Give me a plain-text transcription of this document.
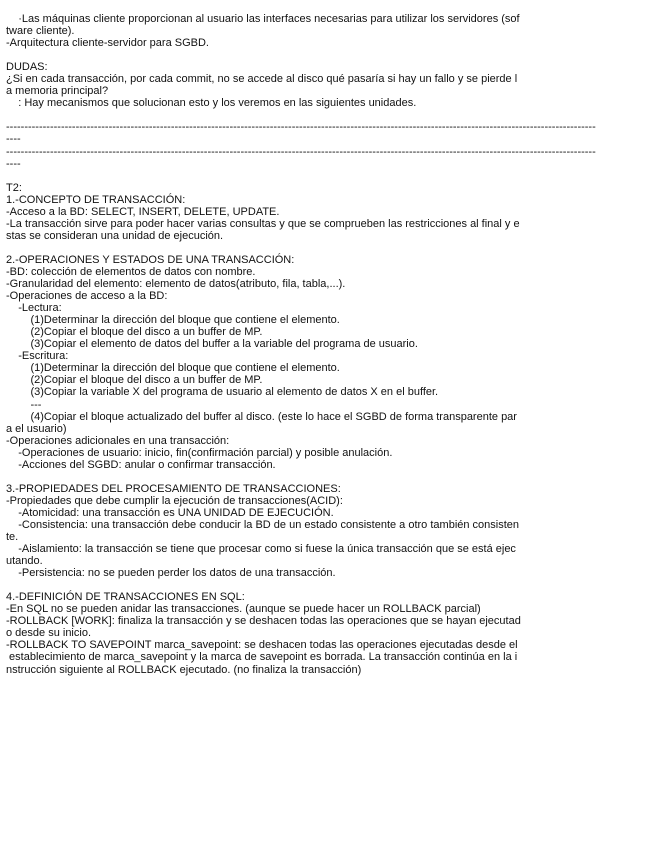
·Las máquinas cliente proporcionan al usuario las interfaces necesarias para utilizar los servidores (sof
tware cliente).
-Arquitectura cliente-servidor para SGBD.
DUDAS:
¿Si en cada transacción, por cada commit, no se accede al disco qué pasaría si hay un fallo y se pierde l
a memoria principal?
: Hay mecanismos que solucionan esto y los veremos en las siguientes unidades.
-----------------------------------------------------------------------------------------------------------------------------------------------------------------
----
-----------------------------------------------------------------------------------------------------------------------------------------------------------------
----
T2:
1.-CONCEPTO DE TRANSACCIÓN:
-Acceso a la BD: SELECT, INSERT, DELETE, UPDATE.
-La transacción sirve para poder hacer varias consultas y que se comprueben las restricciones al final y e
stas se consideran una unidad de ejecución.
2.-OPERACIONES Y ESTADOS DE UNA TRANSACCIÓN:
-BD: colección de elementos de datos con nombre.
-Granularidad del elemento: elemento de datos(atributo, fila, tabla,...).
-Operaciones de acceso a la BD:
-Lectura:
(1)Determinar la dirección del bloque que contiene el elemento.
(2)Copiar el bloque del disco a un buffer de MP.
(3)Copiar el elemento de datos del buffer a la variable del programa de usuario.
-Escritura:
(1)Determinar la dirección del bloque que contiene el elemento.
(2)Copiar el bloque del disco a un buffer de MP.
(3)Copiar la variable X del programa de usuario al elemento de datos X en el buffer.
---
(4)Copiar el bloque actualizado del buffer al disco. (este lo hace el SGBD de forma transparente par
a el usuario)
-Operaciones adicionales en una transacción:
-Operaciones de usuario: inicio, fin(confirmación parcial) y posible anulación.
-Acciones del SGBD: anular o confirmar transacción.
3.-PROPIEDADES DEL PROCESAMIENTO DE TRANSACCIONES:
-Propiedades que debe cumplir la ejecución de transacciones(ACID):
-Atomicidad: una transacción es UNA UNIDAD DE EJECUCIÓN.
-Consistencia: una transacción debe conducir la BD de un estado consistente a otro también consisten
te.
-Aislamiento: la transacción se tiene que procesar como si fuese la única transacción que se está ejec
utando.
-Persistencia: no se pueden perder los datos de una transacción.
4.-DEFINICIÓN DE TRANSACCIONES EN SQL:
-En SQL no se pueden anidar las transacciones. (aunque se puede hacer un ROLLBACK parcial)
-ROLLBACK [WORK]: finaliza la transacción y se deshacen todas las operaciones que se hayan ejecutad
o desde su inicio.
-ROLLBACK TO SAVEPOINT marca_savepoint: se deshacen todas las operaciones ejecutadas desde el
establecimiento de marca_savepoint y la marca de savepoint es borrada. La transacción continúa en la i
nstrucción siguiente al ROLLBACK ejecutado. (no finaliza la transacción)
